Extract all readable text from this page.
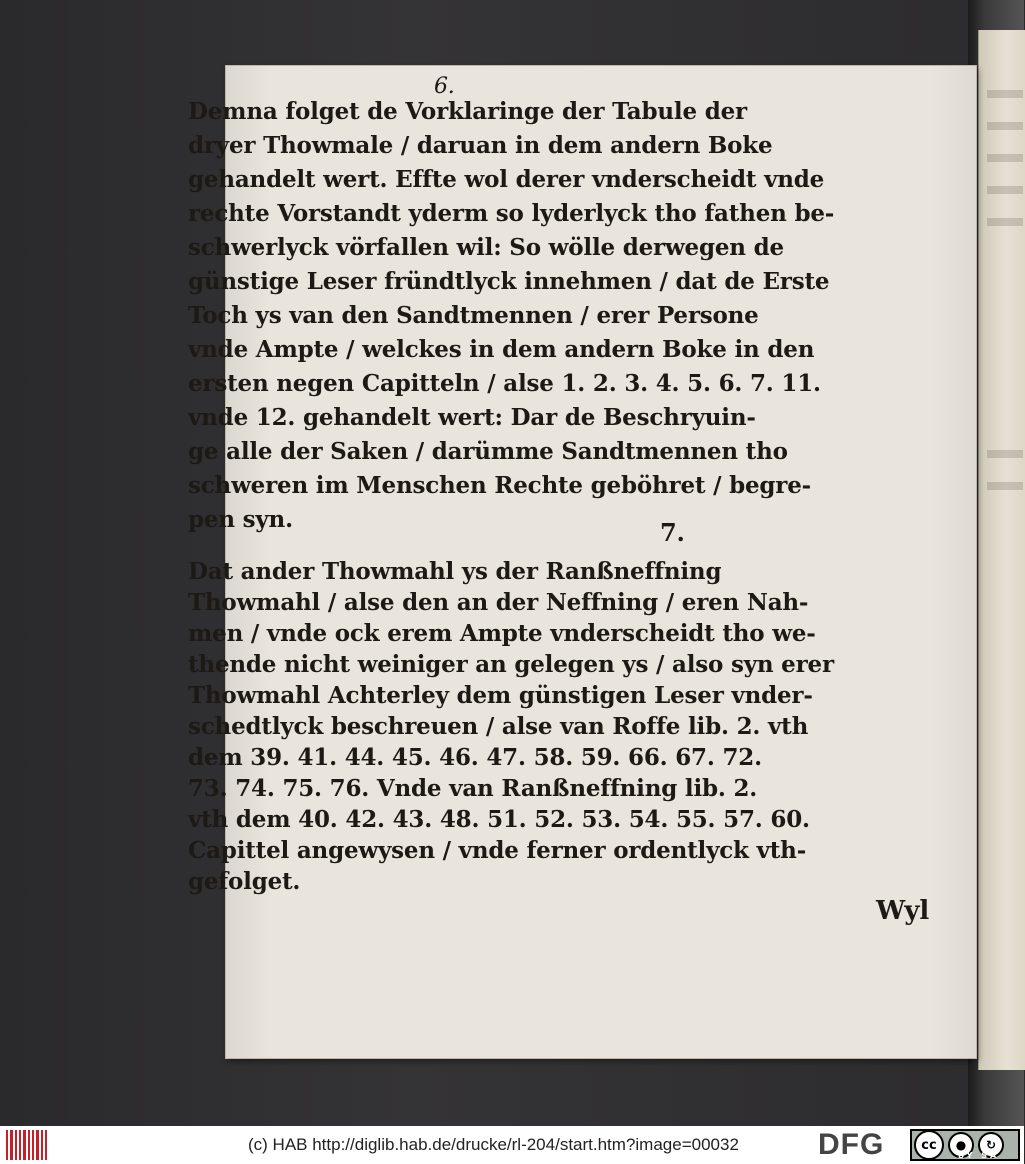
6.
Demna folget de Vorklaringe der Tabule der
dryer Thowmale / daruan in dem andern Boke
gehandelt wert. Effte wol derer vnderscheidt vnde
rechte Vorstandt yderm so lyderlyck tho fathen be-
schwerlyck vörfallen wil: So wölle derwegen de
günstige Leser fründtlyck innehmen / dat de Erste
Toch ys van den Sandtmennen / erer Persone
vnde Ampte / welckes in dem andern Boke in den
ersten negen Capitteln / alse 1. 2. 3. 4. 5. 6. 7. 11.
vnde 12. gehandelt wert: Dar de Beschryuin-
ge alle der Saken / darümme Sandtmennen tho
schweren im Menschen Rechte geböhret / begre-
pen syn.	7.
Dat ander Thowmahl ys der Ranßneffning
Thowmahl / alse den an der Neffning / eren Nah-
men / vnde ock erem Ampte vnderscheidt tho we-
thende nicht weiniger an gelegen ys / also syn erer
Thowmahl Achterley dem günstigen Leser vnder-
schedtlyck beschreuen / alse van Roffe lib. 2. vth
dem 39. 41. 44. 45. 46. 47. 58. 59. 66. 67. 72.
73. 74. 75. 76. Vnde van Ranßneffning lib. 2.
vth dem 40. 42. 43. 48. 51. 52. 53. 54. 55. 57. 60.
Capittel angewysen / vnde ferner ordentlyck vth-
gefolget.
Wyl
(c) HAB http://diglib.hab.de/drucke/rl-204/start.htm?image=00032	DFG	cc	●	↻
BY SA
